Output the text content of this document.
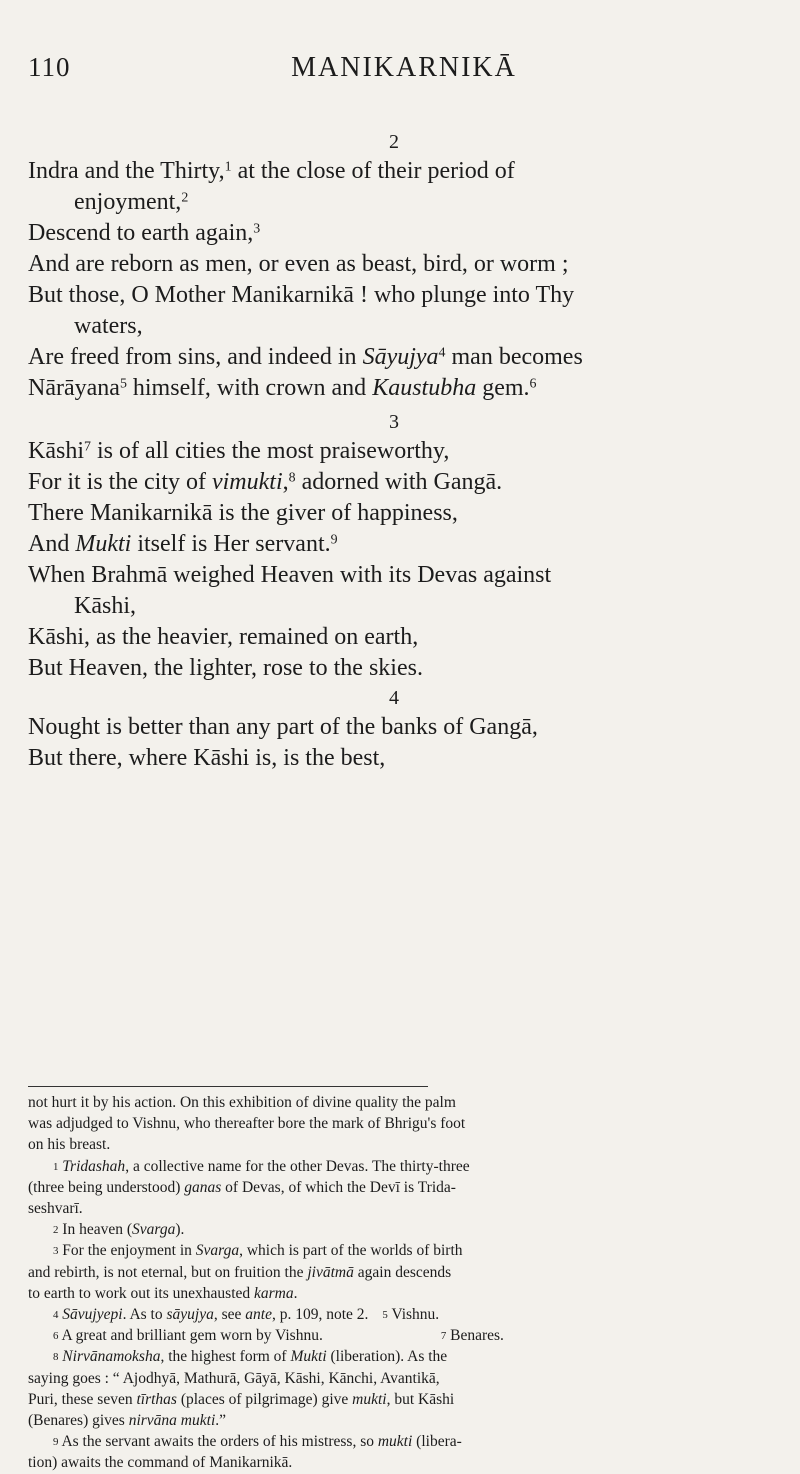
110	MANIKARNIKĀ
2
Indra and the Thirty,$^1$ at the close of their period of
enjoyment,$^2$
Descend to earth again,$^3$
And are reborn as men, or even as beast, bird, or worm ;
But those, O Mother Manikarnikā ! who plunge into Thy
waters,
Are freed from sins, and indeed in Sāyujya$^4$ man becomes
Nārāyana$^5$ himself, with crown and Kaustubha gem.$^6$
3
Kāshi$^7$ is of all cities the most praiseworthy,
For it is the city of vimukti,$^8$ adorned with Gangā.
There Manikarnikā is the giver of happiness,
And Mukti itself is Her servant.$^9$
When Brahmā weighed Heaven with its Devas against
Kāshi,
Kāshi, as the heavier, remained on earth,
But Heaven, the lighter, rose to the skies.
4
Nought is better than any part of the banks of Gangā,
But there, where Kāshi is, is the best,
not hurt it by his action. On this exhibition of divine quality the palm
was adjudged to Vishnu, who thereafter bore the mark of Bhrigu's foot
on his breast.
$^1$ Tridashah, a collective name for the other Devas. The thirty-three
(three being understood) ganas of Devas, of which the Devī is Trida-
seshvarī.
$^2$ In heaven (Svarga).
$^3$ For the enjoyment in Svarga, which is part of the worlds of birth
and rebirth, is not eternal, but on fruition the jivātmā again descends
to earth to work out its unexhausted karma.
$^4$ Sāvujyepi. As to sāyujya, see ante, p. 109, note 2. $^5$ Vishnu.
$^6$ A great and brilliant gem worn by Vishnu.	$^7$ Benares.
$^8$ Nirvānamoksha, the highest form of Mukti (liberation). As the
saying goes : “ Ajodhyā, Mathurā, Gāyā, Kāshi, Kānchi, Avantikā,
Puri, these seven tīrthas (places of pilgrimage) give mukti, but Kāshi
(Benares) gives nirvāna mukti.”
$^9$ As the servant awaits the orders of his mistress, so mukti (libera-
tion) awaits the command of Manikarnikā.
